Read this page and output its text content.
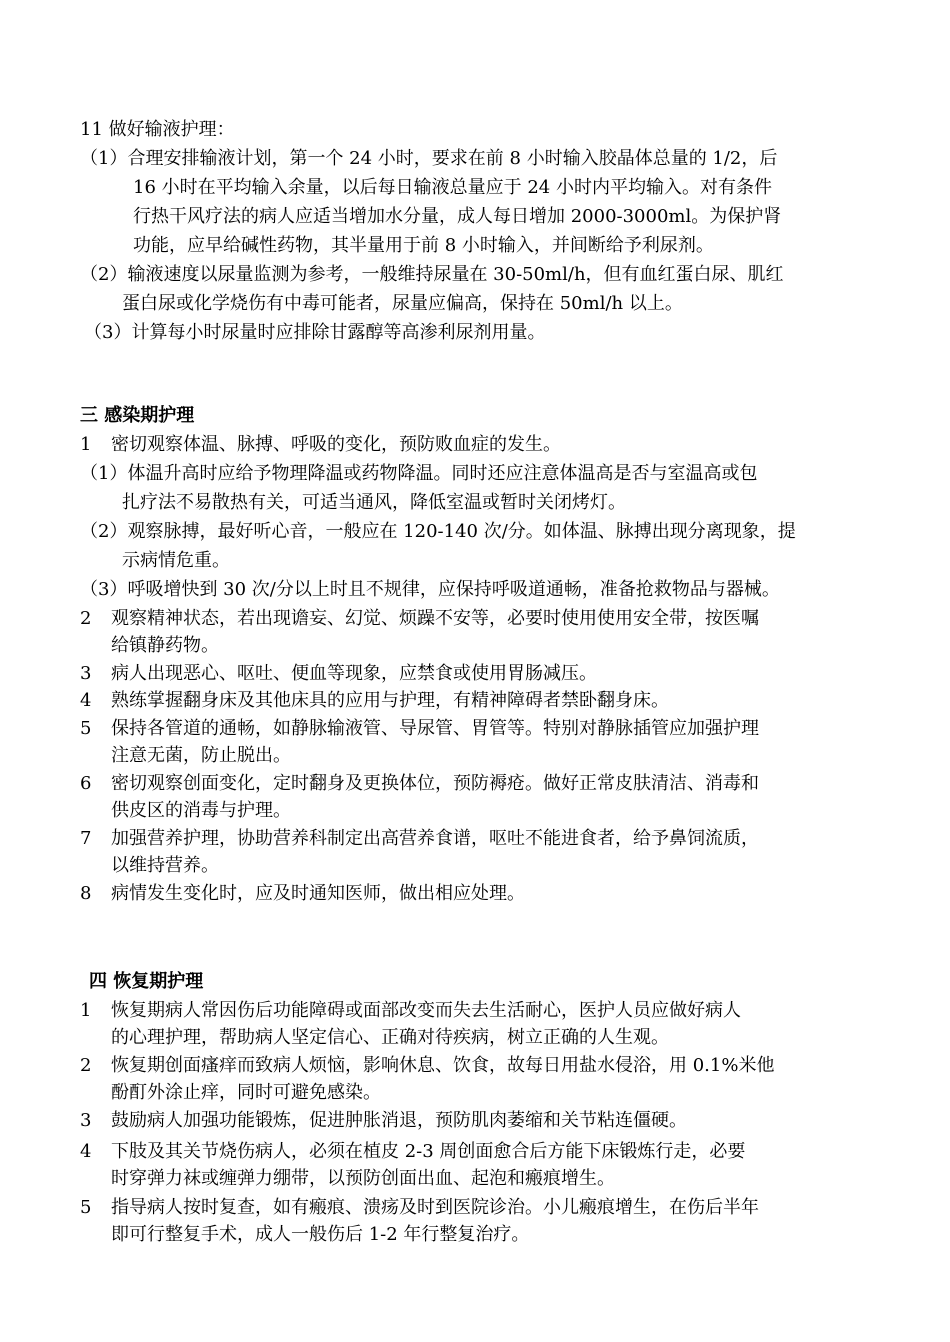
11 做好输液护理：
（1）合理安排输液计划，第一个 24 小时，要求在前 8 小时输入胶晶体总量的 1/2，后
16 小时在平均输入余量，以后每日输液总量应于 24 小时内平均输入。对有条件
行热干风疗法的病人应适当增加水分量，成人每日增加 2000-3000ml。为保护肾
功能，应早给碱性药物，其半量用于前 8 小时输入，并间断给予利尿剂。
（2）输液速度以尿量监测为参考，一般维持尿量在 30-50ml/h，但有血红蛋白尿、肌红
蛋白尿或化学烧伤有中毒可能者，尿量应偏高，保持在 50ml/h 以上。
（3）计算每小时尿量时应排除甘露醇等高渗利尿剂用量。
三 感染期护理
1 密切观察体温、脉搏、呼吸的变化，预防败血症的发生。
（1）体温升高时应给予物理降温或药物降温。同时还应注意体温高是否与室温高或包
扎疗法不易散热有关，可适当通风，降低室温或暂时关闭烤灯。
（2）观察脉搏，最好听心音，一般应在 120-140 次/分。如体温、脉搏出现分离现象，提
示病情危重。
（3）呼吸增快到 30 次/分以上时且不规律，应保持呼吸道通畅，准备抢救物品与器械。
2 观察精神状态，若出现谵妄、幻觉、烦躁不安等，必要时使用使用安全带，按医嘱
给镇静药物。
3 病人出现恶心、呕吐、便血等现象，应禁食或使用胃肠减压。
4 熟练掌握翻身床及其他床具的应用与护理，有精神障碍者禁卧翻身床。
5 保持各管道的通畅，如静脉输液管、导尿管、胃管等。特别对静脉插管应加强护理
注意无菌，防止脱出。
6 密切观察创面变化，定时翻身及更换体位，预防褥疮。做好正常皮肤清洁、消毒和
供皮区的消毒与护理。
7 加强营养护理，协助营养科制定出高营养食谱，呕吐不能进食者，给予鼻饲流质，
以维持营养。
8 病情发生变化时，应及时通知医师，做出相应处理。
四 恢复期护理
1 恢复期病人常因伤后功能障碍或面部改变而失去生活耐心，医护人员应做好病人
的心理护理，帮助病人坚定信心、正确对待疾病，树立正确的人生观。
2 恢复期创面瘙痒而致病人烦恼，影响休息、饮食，故每日用盐水侵浴，用 0.1%米他
酚酊外涂止痒，同时可避免感染。
3 鼓励病人加强功能锻炼，促进肿胀消退，预防肌肉萎缩和关节粘连僵硬。
4 下肢及其关节烧伤病人，必须在植皮 2-3 周创面愈合后方能下床锻炼行走，必要
时穿弹力袜或缠弹力绷带，以预防创面出血、起泡和瘢痕增生。
5 指导病人按时复查，如有瘢痕、溃疡及时到医院诊治。小儿瘢痕增生，在伤后半年
即可行整复手术，成人一般伤后 1-2 年行整复治疗。
